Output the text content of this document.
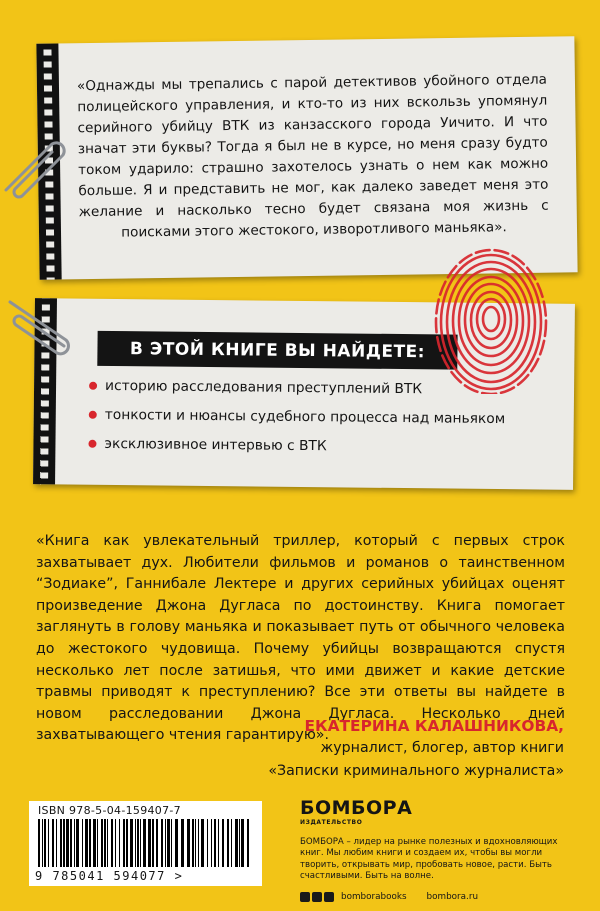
«Однажды мы трепались с парой детективов убойного отдела полицейского управления, и кто-то из них вскользь упомянул серийного убийцу ВТК из канзасского города Уичито. И что значат эти буквы? Тогда я был не в курсе, но меня сразу будто током ударило: страшно захотелось узнать о нем как можно больше. Я и представить не мог, как далеко заведет меня это желание и насколько тесно будет связана моя жизнь с поисками этого жестокого, изворотливого маньяка».
В ЭТОЙ КНИГЕ ВЫ НАЙДЕТЕ:
историю расследования преступлений ВТК
тонкости и нюансы судебного процесса над маньяком
эксклюзивное интервью с ВТК
«Книга как увлекательный триллер, который с первых строк захватывает дух. Любители фильмов и романов о таинственном “Зодиаке”, Ганнибале Лектере и других серийных убийцах оценят произведение Джона Дугласа по достоинству. Книга помогает заглянуть в голову маньяка и показывает путь от обычного человека до жестокого чудовища. Почему убийцы возвращаются спустя несколько лет после затишья, что ими движет и какие детские травмы приводят к преступлению? Все эти ответы вы найдете в новом расследовании Джона Дугласа. Несколько дней захватывающего чтения гарантирую».
ЕКАТЕРИНА КАЛАШНИКОВА,
журналист, блогер, автор книги
«Записки криминального журналиста»
ISBN 978-5-04-159407-7
9 785041 594077 >
БОМБОРА
ИЗДАТЕЛЬСТВО
БОМБОРА – лидер на рынке полезных и вдохновляющих книг. Мы любим книги и создаем их, чтобы вы могли творить, открывать мир, пробовать новое, расти. Быть счастливыми. Быть на волне.
bomborabooks bombora.ru
